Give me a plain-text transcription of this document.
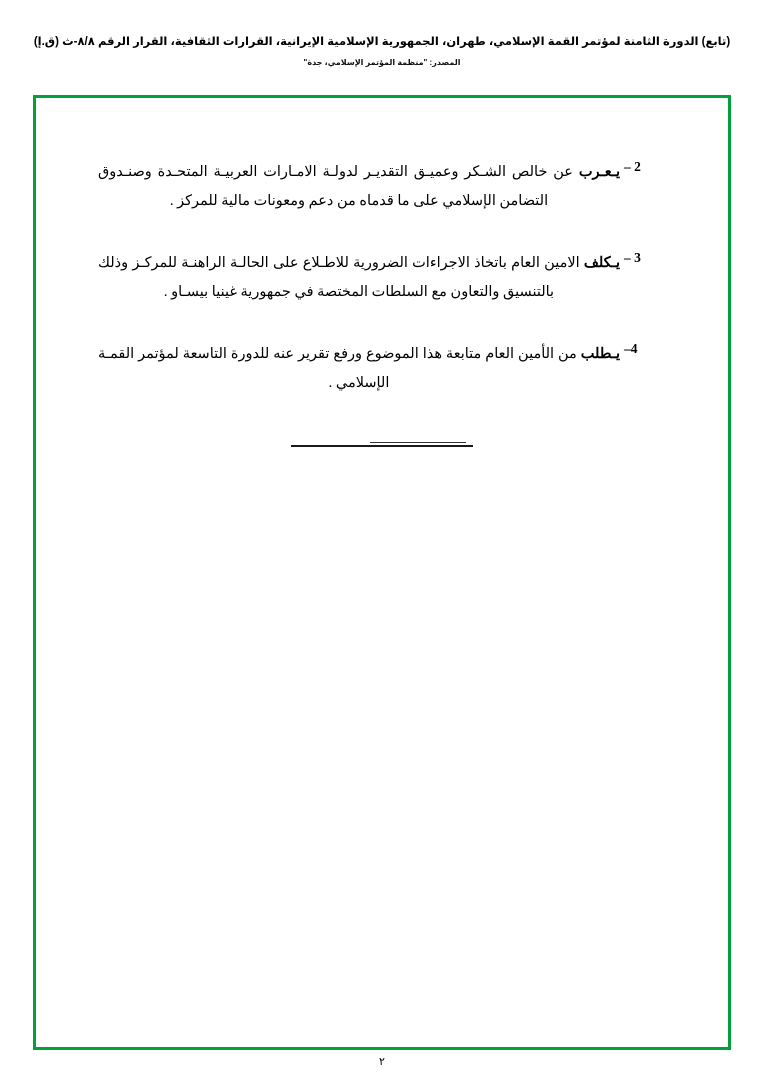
(تابع) الدورة الثامنة لمؤتمر القمة الإسلامي، طهران، الجمهورية الإسلامية الإيرانية، القرارات الثقافية، القرار الرقم ٨/٨-ث (ق.إ)
المصدر: "منظمة المؤتمر الإسلامي، جدة"
2 –
يـعـرب عن خالص الشـكر وعميـق التقديـر لدولـة الامـارات العربيـة المتحـدة وصنـدوق التضامن الإسلامي على ما قدماه من دعم ومعونات مالية للمركز .
3 –
يـكلف الامين العام باتخاذ الاجراءات الضرورية للاطـلاع على الحالـة الراهنـة للمركـز وذلك بالتنسيق والتعاون مع السلطات المختصة في جمهورية غينيا بيسـاو .
4–
يـطلب من الأمين العام متابعة هذا الموضوع ورفع تقرير عنه للدورة التاسعة لمؤتمر القمـة الإسلامي .
٢
